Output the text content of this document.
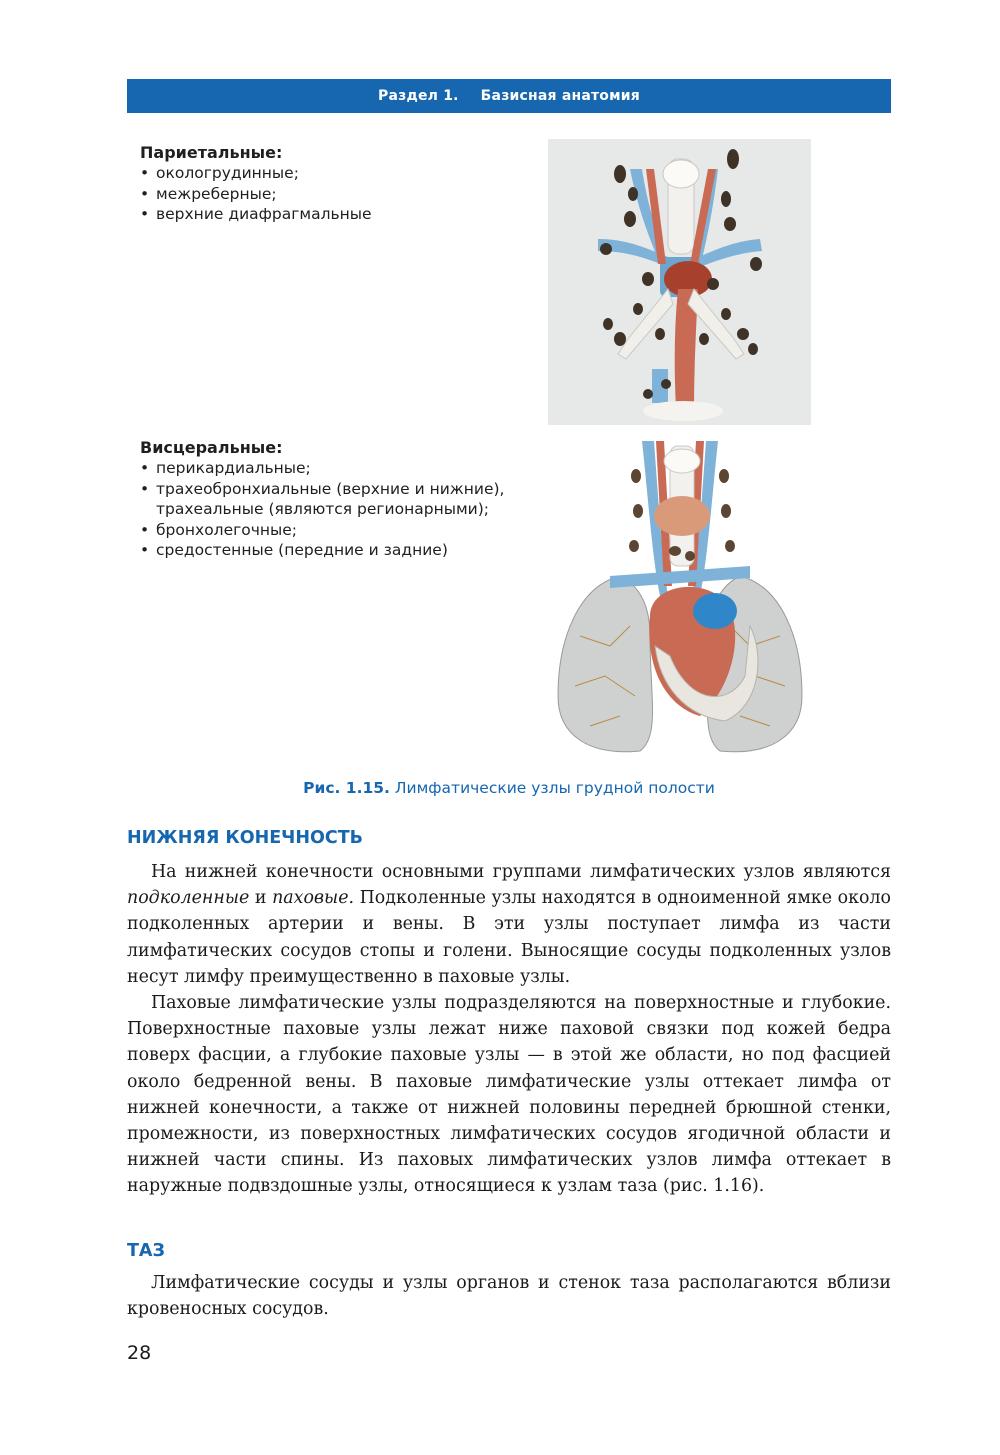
Раздел 1. Базисная анатомия
Париетальные:
• окологрудинные;
• межреберные;
• верхние диафрагмальные
Висцеральные:
• перикардиальные;
• трахеобронхиальные (верхние и нижние), трахеальные (являются регионарными);
• бронхолегочные;
• средостенные (передние и задние)
Рис. 1.15. Лимфатические узлы грудной полости
НИЖНЯЯ КОНЕЧНОСТЬ

На нижней конечности основными группами лимфатических узлов являются подколенные и паховые. Подколенные узлы находятся в одноименной ямке около подколенных артерии и вены. В эти узлы поступает лимфа из части лимфатических сосудов стопы и голени. Выносящие сосуды подколенных узлов несут лимфу преимущественно в паховые узлы.

Паховые лимфатические узлы подразделяются на поверхностные и глубокие. Поверхностные паховые узлы лежат ниже паховой связки под кожей бедра поверх фасции, а глубокие паховые узлы — в этой же области, но под фасцией около бедренной вены. В паховые лимфатические узлы оттекает лимфа от нижней конечности, а также от нижней половины передней брюшной стенки, промежности, из поверхностных лимфатических сосудов ягодичной области и нижней части спины. Из паховых лимфатических узлов лимфа оттекает в наружные подвздошные узлы, относящиеся к узлам таза (рис. 1.16).

ТАЗ

Лимфатические сосуды и узлы органов и стенок таза располагаются вблизи кровеносных сосудов.

28
